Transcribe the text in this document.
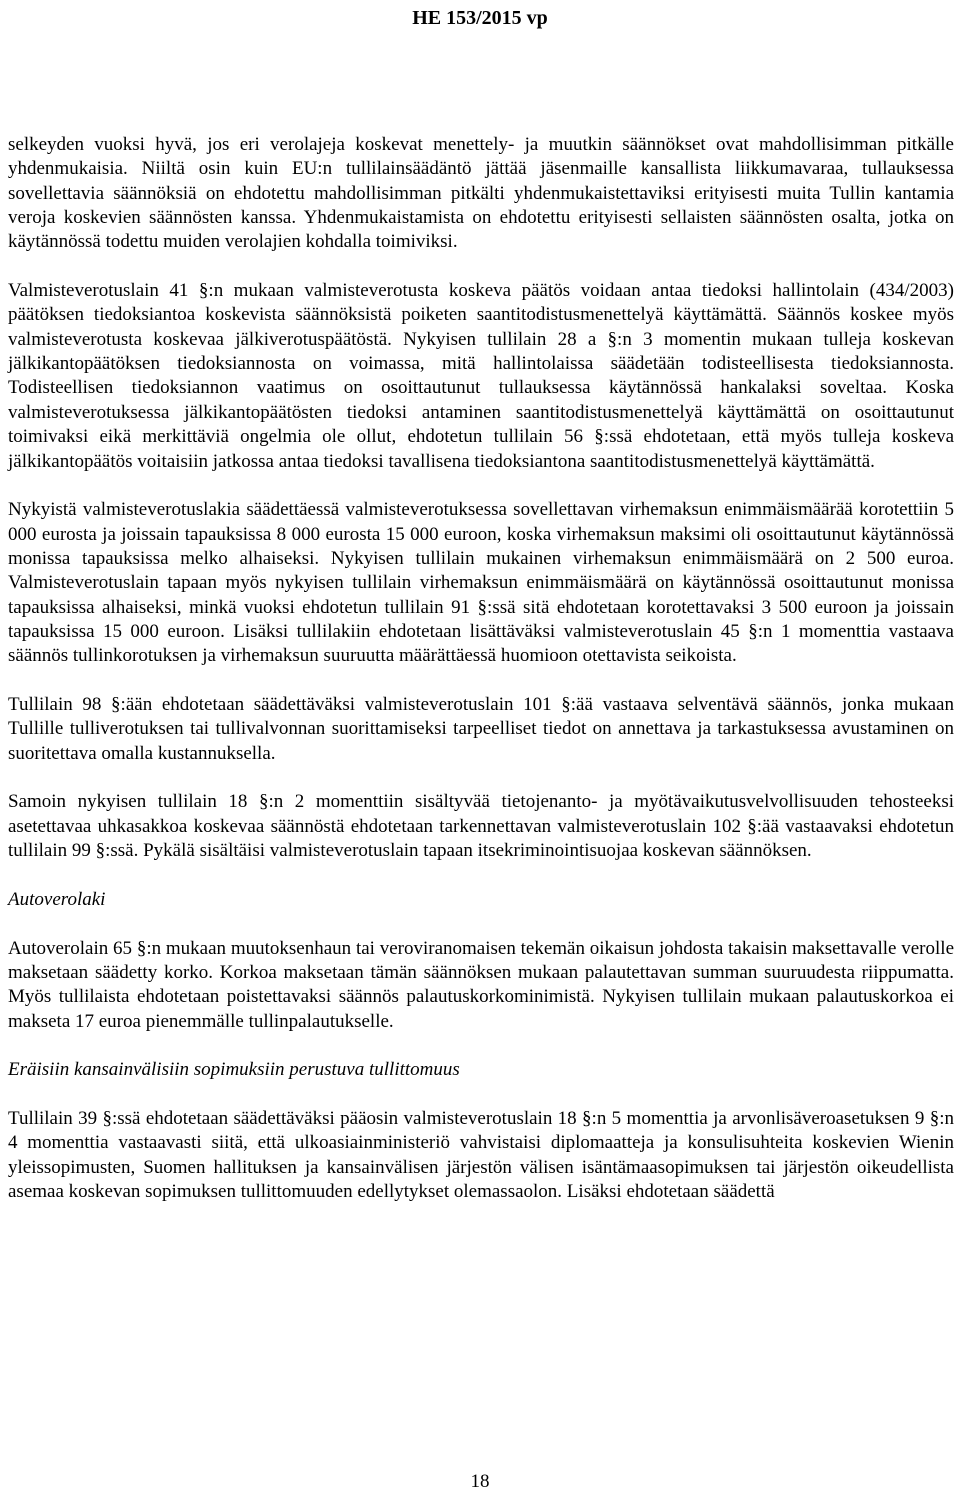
HE 153/2015 vp

selkeyden vuoksi hyvä, jos eri verolajeja koskevat menettely- ja muutkin säännökset ovat mahdollisimman pitkälle yhdenmukaisia. Niiltä osin kuin EU:n tullilainsäädäntö jättää jäsenmaille kansallista liikkumavaraa, tullauksessa sovellettavia säännöksiä on ehdotettu mahdollisimman pitkälti yhdenmukaistettaviksi erityisesti muita Tullin kantamia veroja koskevien säännösten kanssa. Yhdenmukaistamista on ehdotettu erityisesti sellaisten säännösten osalta, jotka on käytännössä todettu muiden verolajien kohdalla toimiviksi.

Valmisteverotuslain 41 §:n mukaan valmisteverotusta koskeva päätös voidaan antaa tiedoksi hallintolain (434/2003) päätöksen tiedoksiantoa koskevista säännöksistä poiketen saantitodistusmenettelyä käyttämättä. Säännös koskee myös valmisteverotusta koskevaa jälkiverotuspäätöstä. Nykyisen tullilain 28 a §:n 3 momentin mukaan tulleja koskevan jälkikantopäätöksen tiedoksiannosta on voimassa, mitä hallintolaissa säädetään todisteellisesta tiedoksiannosta. Todisteellisen tiedoksiannon vaatimus on osoittautunut tullauksessa käytännössä hankalaksi soveltaa. Koska valmisteverotuksessa jälkikantopäätösten tiedoksi antaminen saantitodistusmenettelyä käyttämättä on osoittautunut toimivaksi eikä merkittäviä ongelmia ole ollut, ehdotetun tullilain 56 §:ssä ehdotetaan, että myös tulleja koskeva jälkikantopäätös voitaisiin jatkossa antaa tiedoksi tavallisena tiedoksiantona saantitodistusmenettelyä käyttämättä.

Nykyistä valmisteverotuslakia säädettäessä valmisteverotuksessa sovellettavan virhemaksun enimmäismäärää korotettiin 5 000 eurosta ja joissain tapauksissa 8 000 eurosta 15 000 euroon, koska virhemaksun maksimi oli osoittautunut käytännössä monissa tapauksissa melko alhaiseksi. Nykyisen tullilain mukainen virhemaksun enimmäismäärä on 2 500 euroa. Valmisteverotuslain tapaan myös nykyisen tullilain virhemaksun enimmäismäärä on käytännössä osoittautunut monissa tapauksissa alhaiseksi, minkä vuoksi ehdotetun tullilain 91 §:ssä sitä ehdotetaan korotettavaksi 3 500 euroon ja joissain tapauksissa 15 000 euroon. Lisäksi tullilakiin ehdotetaan lisättäväksi valmisteverotuslain 45 §:n 1 momenttia vastaava säännös tullinkorotuksen ja virhemaksun suuruutta määrättäessä huomioon otettavista seikoista.

Tullilain 98 §:ään ehdotetaan säädettäväksi valmisteverotuslain 101 §:ää vastaava selventävä säännös, jonka mukaan Tullille tulliverotuksen tai tullivalvonnan suorittamiseksi tarpeelliset tiedot on annettava ja tarkastuksessa avustaminen on suoritettava omalla kustannuksella.

Samoin nykyisen tullilain 18 §:n 2 momenttiin sisältyvää tietojenanto- ja myötävaikutusvelvollisuuden tehosteeksi asetettavaa uhkasakkoa koskevaa säännöstä ehdotetaan tarkennettavan valmisteverotuslain 102 §:ää vastaavaksi ehdotetun tullilain 99 §:ssä. Pykälä sisältäisi valmisteverotuslain tapaan itsekriminointisuojaa koskevan säännöksen.

Autoverolaki

Autoverolain 65 §:n mukaan muutoksenhaun tai veroviranomaisen tekemän oikaisun johdosta takaisin maksettavalle verolle maksetaan säädetty korko. Korkoa maksetaan tämän säännöksen mukaan palautettavan summan suuruudesta riippumatta. Myös tullilaista ehdotetaan poistettavaksi säännös palautuskorkominimistä. Nykyisen tullilain mukaan palautuskorkoa ei makseta 17 euroa pienemmälle tullinpalautukselle.

Eräisiin kansainvälisiin sopimuksiin perustuva tullittomuus

Tullilain 39 §:ssä ehdotetaan säädettäväksi pääosin valmisteverotuslain 18 §:n 5 momenttia ja arvonlisäveroasetuksen 9 §:n 4 momenttia vastaavasti siitä, että ulkoasiainministeriö vahvistaisi diplomaatteja ja konsulisuhteita koskevien Wienin yleissopimusten, Suomen hallituksen ja kansainvälisen järjestön välisen isäntämaasopimuksen tai järjestön oikeudellista asemaa koskevan sopimuksen tullittomuuden edellytykset olemassaolon. Lisäksi ehdotetaan säädettä

18
